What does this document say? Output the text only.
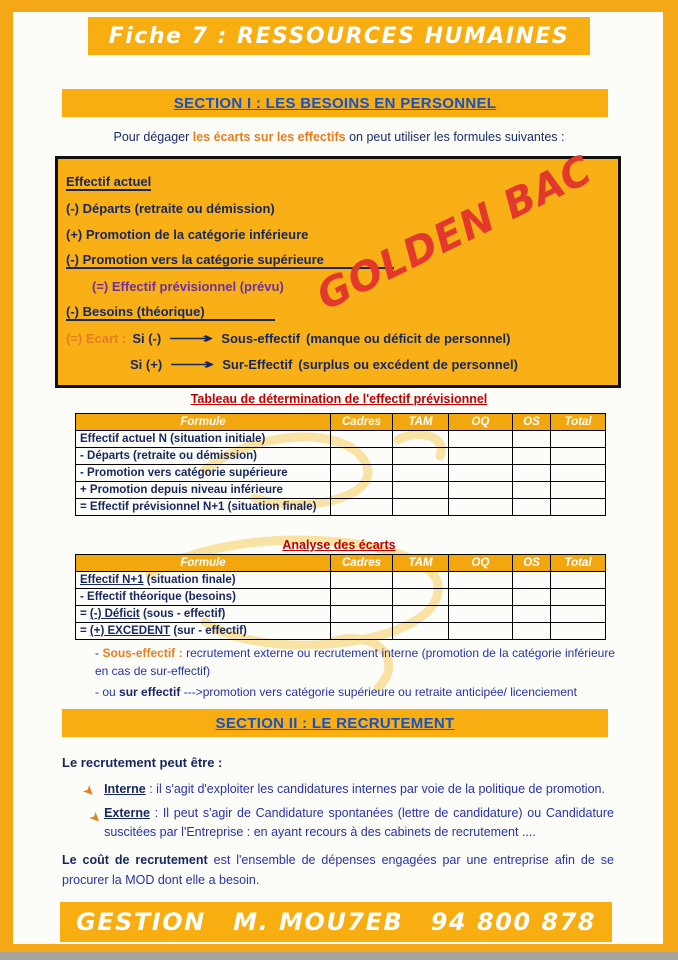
Fiche 7 : RESSOURCES HUMAINES
SECTION I : LES BESOINS EN PERSONNEL
Pour dégager les écarts sur les effectifs on peut utiliser les formules suivantes :
Effectif actuel
(-) Départs (retraite ou démission)
(+) Promotion de la catégorie inférieure
(-) Promotion vers la catégorie supérieure
(=) Effectif prévisionnel (prévu)
(-) Besoins (théorique)
(=) Ecart : Si (-) ⟶ Sous-effectif (manque ou déficit de personnel)
Si (+) ⟶ Sur-Effectif (surplus ou excédent de personnel)
GOLDEN BAC
Tableau de détermination de l'effectif prévisionnel
Formule	Cadres	TAM	OQ	OS	Total
Effectif actuel N (situation initiale)					
- Départs (retraite ou démission)					
- Promotion vers catégorie supérieure					
+ Promotion depuis niveau inférieure					
= Effectif prévisionnel N+1 (situation finale)					
Analyse des écarts
Formule	Cadres	TAM	OQ	OS	Total
Effectif N+1 (situation finale)					
- Effectif théorique (besoins)					
= (-) Déficit (sous - effectif)					
= (+) EXCEDENT (sur - effectif)					
- Sous-effectif : recrutement externe ou recrutement interne (promotion de la catégorie inférieure en cas de sur-effectif)
- ou sur effectif --->promotion vers catégorie supérieure ou retraite anticipée/ licenciement
SECTION II : LE RECRUTEMENT
Le recrutement peut être :
➤ Interne : il s'agit d'exploiter les candidatures internes par voie de la politique de promotion.
➤ Externe : Il peut s'agir de Candidature spontanées (lettre de candidature) ou Candidature suscitées par l'Entreprise : en ayant recours à des cabinets de recrutement ....
Le coût de recrutement est l'ensemble de dépenses engagées par une entreprise afin de se procurer la MOD dont elle a besoin.
GESTION M. MOU7EB 94 800 878
